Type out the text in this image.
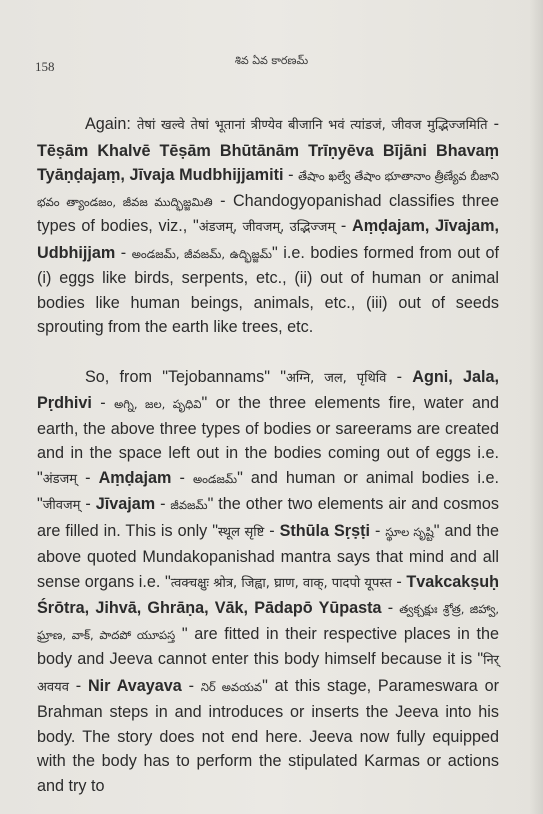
158	శివ ఏవ కారణమ్

Again: तेषां खल्वे तेषां भूतानां त्रीण्येव बीजानि भवं त्यांडजं, जीवज मुद्भिज्जमिति - Tēṣām Khalvē Tēṣām Bhūtānām Trīṇyēva Bījāni Bhavaṃ Tyāṇḍajaṃ, Jīvaja Mudbhijjamiti - తేషాం ఖల్వే తేషాం భూతానాం త్రీణ్యేవ బీజాని భవం త్యాండజం, జీవజ ముద్భిజ్జమితి - Chandogyopanishad classifies three types of bodies, viz., "अंडजम्, जीवजम्, उद्भिज्जम् - Aṃḍajam, Jīvajam, Udbhijjam - అండజమ్, జీవజమ్, ఉద్భిజ్జమ్" i.e. bodies formed from out of (i) eggs like birds, serpents, etc., (ii) out of human or animal bodies like human beings, animals, etc., (iii) out of seeds sprouting from the earth like trees, etc.

So, from "Tejobannams" "अग्नि, जल, पृथिवि - Agni, Jala, Pṛdhivi - అగ్ని, జల, పృధివి" or the three elements fire, water and earth, the above three types of bodies or sareerams are created and in the space left out in the bodies coming out of eggs i.e. "अंडजम् - Aṃḍajam - అండజమ్" and human or animal bodies i.e. "जीवजम् - Jīvajam - జీవజమ్" the other two elements air and cosmos are filled in. This is only "स्थूल सृष्टि - Sthūla Sṛṣṭi - స్థూల సృష్టి" and the above quoted Mundakopanishad mantra says that mind and all sense organs i.e. "त्वक्चक्षुः श्रोत्र, जिह्वा, घ्राण, वाक्, पादपो यूपस्त - Tvakcakṣuḥ Śrōtra, Jihvā, Ghrāṇa, Vāk, Pādapō Yūpasta - త్వక్చక్షుః శ్రోత్ర, జిహ్వా, ఘ్రాణ, వాక్, పాదపో యూపస్త " are fitted in their respective places in the body and Jeeva cannot enter this body himself because it is "निर् अवयव - Nir Avayava - నిర్ అవయవ" at this stage, Parameswara or Brahman steps in and introduces or inserts the Jeeva into his body. The story does not end here. Jeeva now fully equipped with the body has to perform the stipulated Karmas or actions and try to
